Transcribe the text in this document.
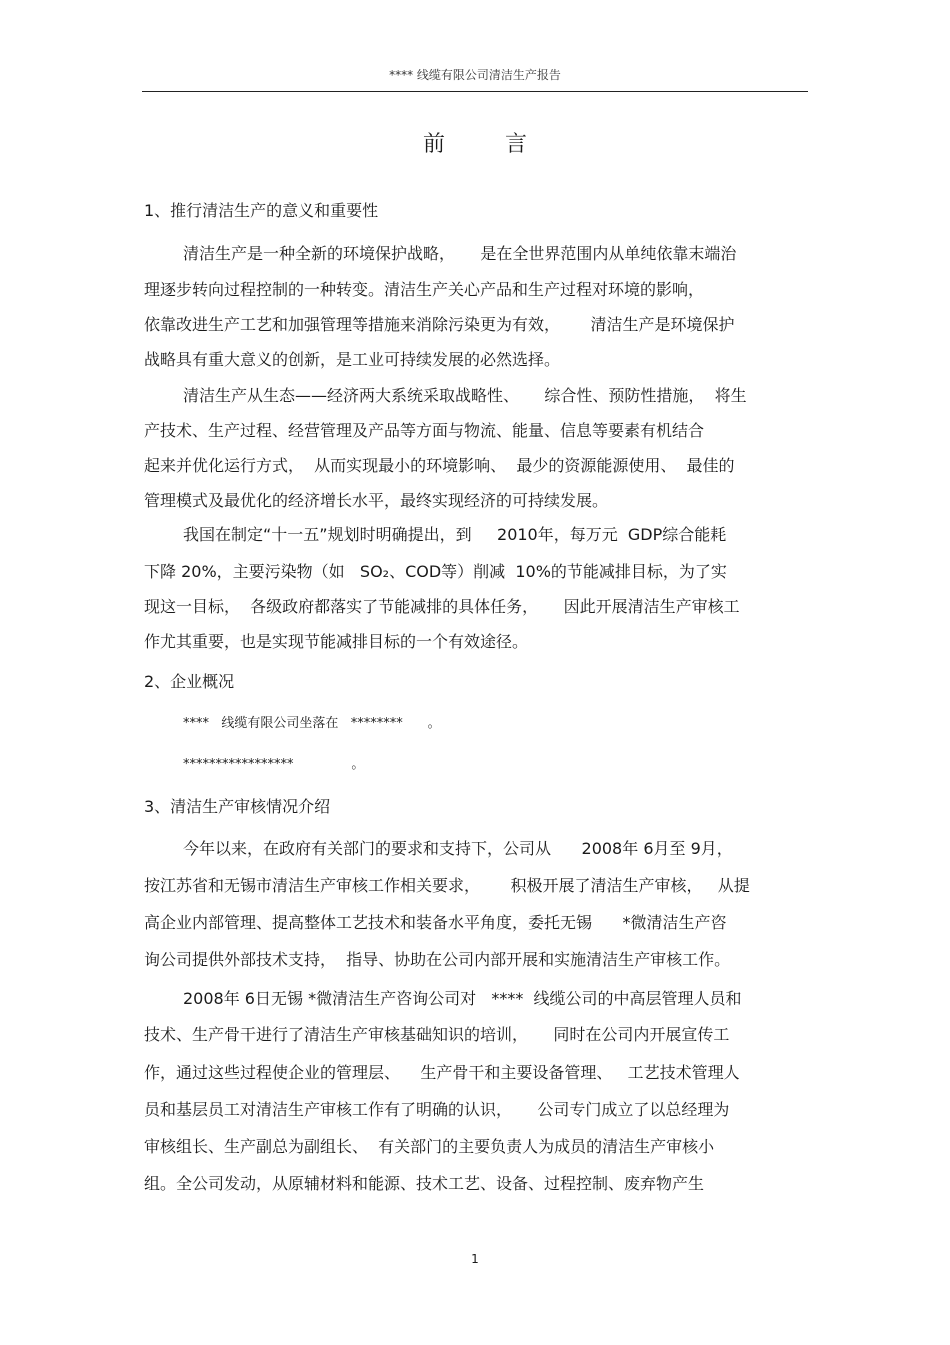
**** 线缆有限公司清洁生产报告
前言
1、推行清洁生产的意义和重要性
清洁生产是一种全新的环境保护战略，     是在全世界范围内从单纯依靠末端治
理逐步转向过程控制的一种转变。清洁生产关心产品和生产过程对环境的影响，
依靠改进生产工艺和加强管理等措施来消除污染更为有效，      清洁生产是环境保护
战略具有重大意义的创新，是工业可持续发展的必然选择。
清洁生产从生态——经济两大系统采取战略性、     综合性、预防性措施，  将生
产技术、生产过程、经营管理及产品等方面与物流、能量、信息等要素有机结合
起来并优化运行方式，  从而实现最小的环境影响、  最少的资源能源使用、  最佳的
管理模式及最优化的经济增长水平，最终实现经济的可持续发展。
我国在制定“十一五”规划时明确提出，到     2010年，每万元  GDP综合能耗
下降 20%，主要污染物（如   SO₂、COD等）削减  10%的节能减排目标，为了实
现这一目标，  各级政府都落实了节能减排的具体任务，     因此开展清洁生产审核工
作尤其重要，也是实现节能减排目标的一个有效途径。
2、企业概况
****   线缆有限公司坐落在   ********      。
*****************              。
3、清洁生产审核情况介绍
今年以来，在政府有关部门的要求和支持下，公司从      2008年 6月至 9月，
按江苏省和无锡市清洁生产审核工作相关要求，      积极开展了清洁生产审核，   从提
高企业内部管理、提高整体工艺技术和装备水平角度，委托无锡      *微清洁生产咨
询公司提供外部技术支持，  指导、协助在公司内部开展和实施清洁生产审核工作。
2008年 6日无锡 *微清洁生产咨询公司对   ****  线缆公司的中高层管理人员和
技术、生产骨干进行了清洁生产审核基础知识的培训，     同时在公司内开展宣传工
作，通过这些过程使企业的管理层、    生产骨干和主要设备管理、   工艺技术管理人
员和基层员工对清洁生产审核工作有了明确的认识，     公司专门成立了以总经理为
审核组长、生产副总为副组长、  有关部门的主要负责人为成员的清洁生产审核小
组。全公司发动，从原辅材料和能源、技术工艺、设备、过程控制、废弃物产生
1
